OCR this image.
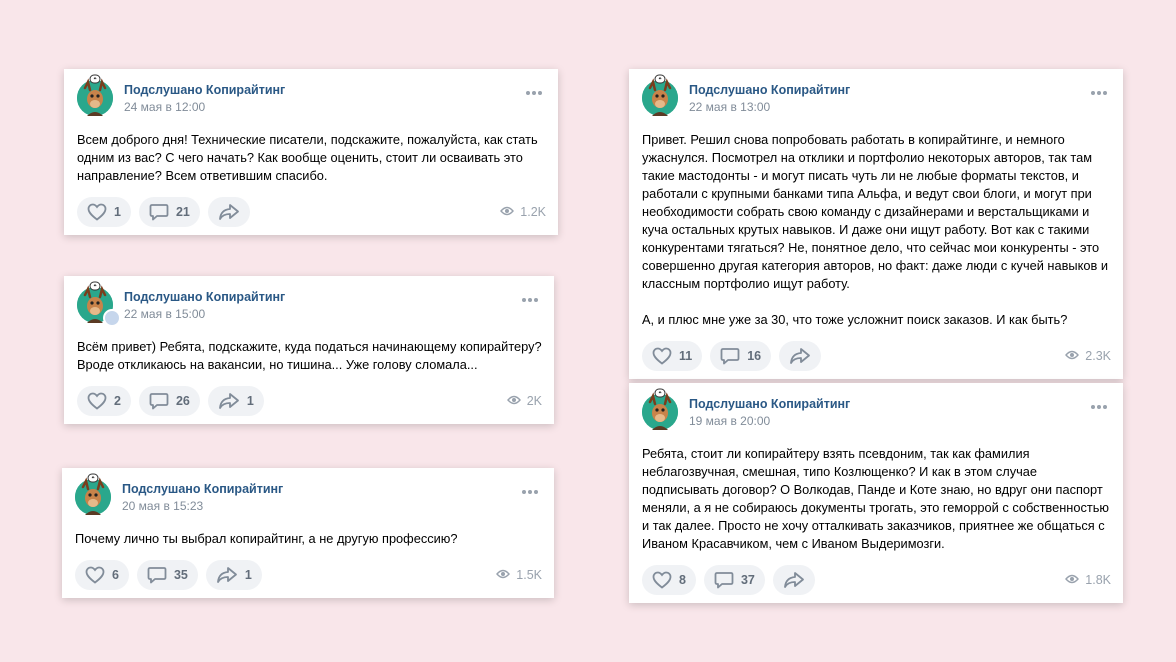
❝
Подслушано Копирайтинг
24 мая в 12:00
Всем доброго дня! Технические писатели, подскажите, пожалуйста, как стать одним из вас? С чего начать? Как вообще оценить, стоит ли осваивать это направление? Всем ответившим спасибо.
1	21	1.2K
❝
Подслушано Копирайтинг
22 мая в 15:00
Всём привет) Ребята, подскажите, куда податься начинающему копирайтеру? Вроде откликаюсь на вакансии, но тишина... Уже голову сломала...
2	26	1	2K
❝
Подслушано Копирайтинг
20 мая в 15:23
Почему лично ты выбрал копирайтинг, а не другую профессию?
6	35	1	1.5K
❝
Подслушано Копирайтинг
22 мая в 13:00
Привет. Решил снова попробовать работать в копирайтинге, и немного ужаснулся. Посмотрел на отклики и портфолио некоторых авторов, так там такие мастодонты - и могут писать чуть ли не любые форматы текстов, и работали с крупными банками типа Альфа, и ведут свои блоги, и могут при необходимости собрать свою команду с дизайнерами и верстальщиками и куча остальных крутых навыков. И даже они ищут работу. Вот как с такими конкурентами тягаться? Не, понятное дело, что сейчас мои конкуренты - это совершенно другая категория авторов, но факт: даже люди с кучей навыков и классным портфолио ищут работу.

А, и плюс мне уже за 30, что тоже усложнит поиск заказов. И как быть?
11	16	2.3K
❝
Подслушано Копирайтинг
19 мая в 20:00
Ребята, стоит ли копирайтеру взять псевдоним, так как фамилия неблагозвучная, смешная, типо Козлющенко? И как в этом случае подписывать договор? О Волкодав, Панде и Коте знаю, но вдруг они паспорт меняли, а я не собираюсь документы трогать, это геморрой с собственностью и так далее. Просто не хочу отталкивать заказчиков, приятнее же общаться с Иваном Красавчиком, чем с Иваном Выдеримозги.
8	37	1.8K
